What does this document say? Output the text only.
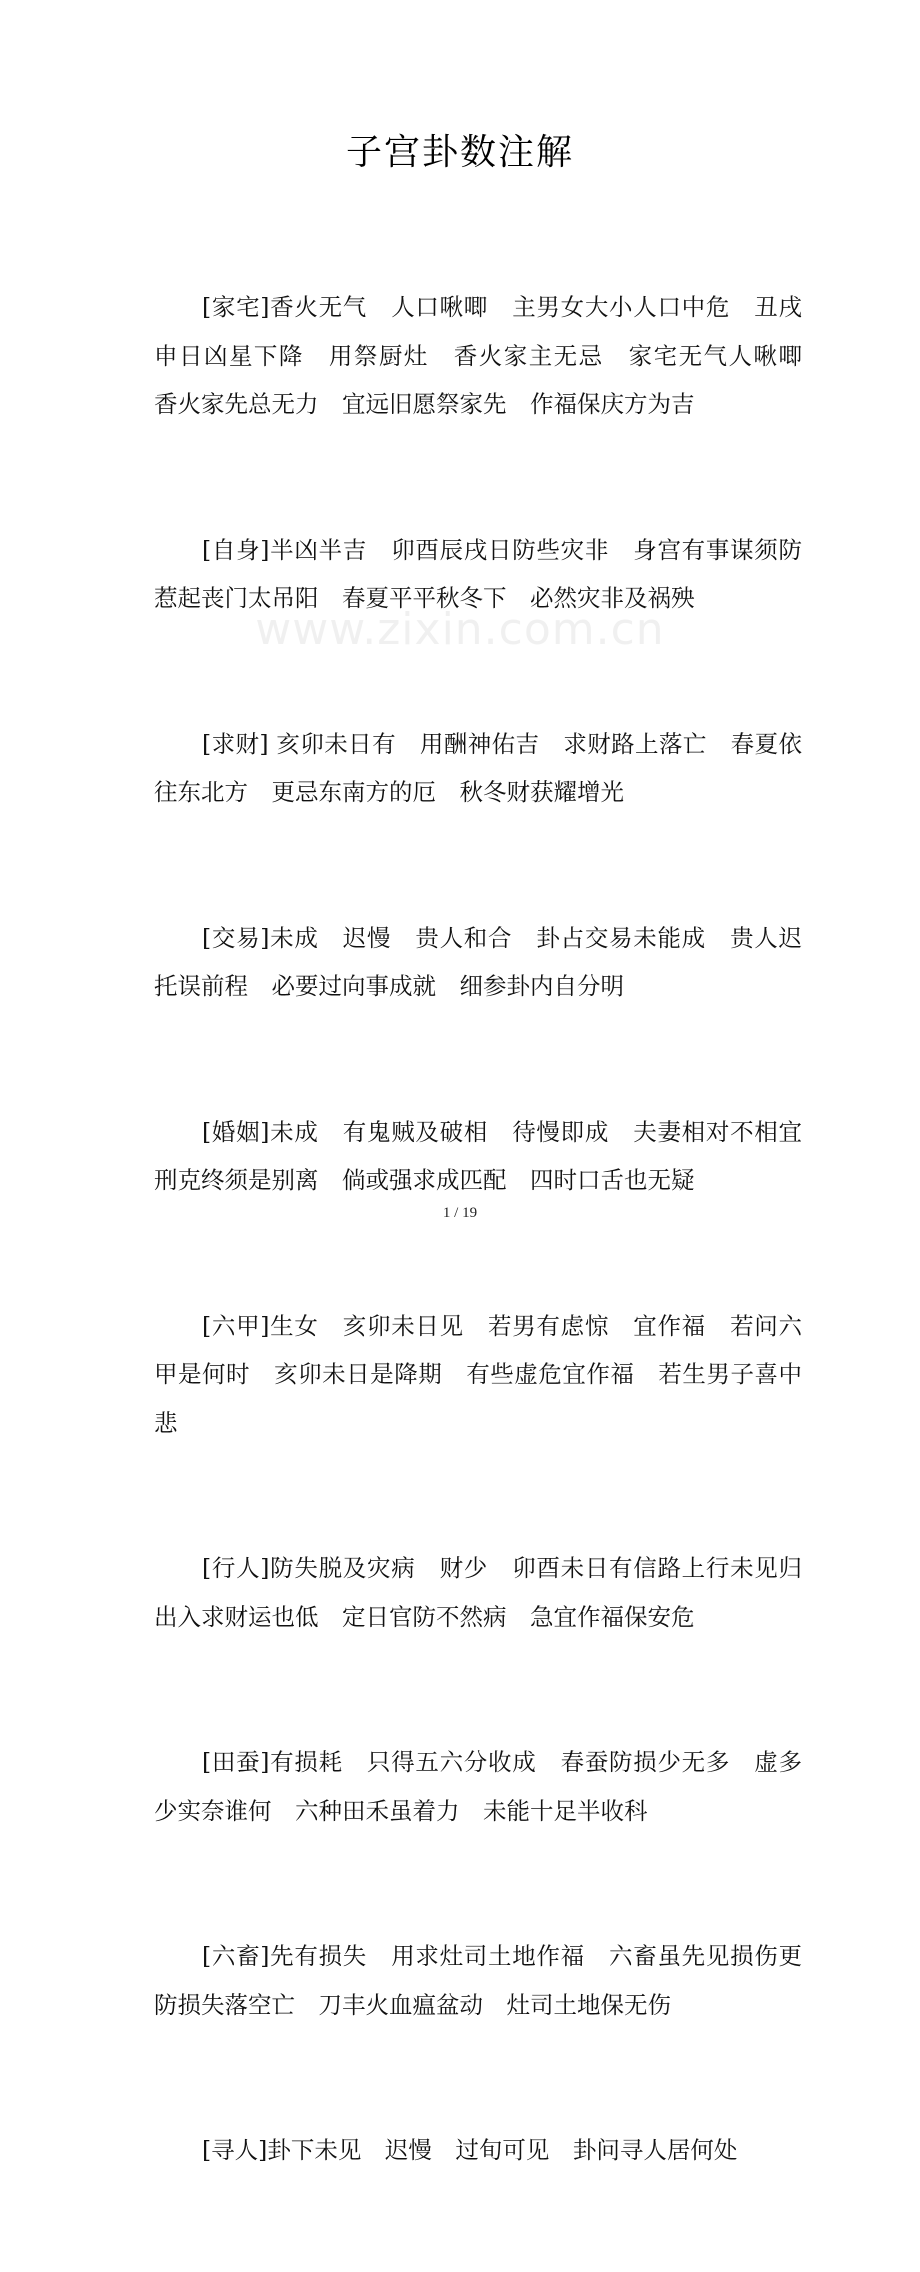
子宫卦数注解
www.zixin.com.cn

[家宅]香火无气　人口啾唧　主男女大小人口中危　丑戌申日凶星下降　用祭厨灶　香火家主无忌　家宅无气人啾唧　香火家先总无力　宜远旧愿祭家先　作福保庆方为吉

[自身]半凶半吉　卯酉辰戌日防些灾非　身宫有事谋须防　惹起丧门太吊阳　春夏平平秋冬下　必然灾非及祸殃

[求财] 亥卯未日有　用酬神佑吉　求财路上落亡　春夏依往东北方　更忌东南方的厄　秋冬财获耀增光

[交易]未成　迟慢　贵人和合　卦占交易未能成　贵人迟托误前程　必要过向事成就　细参卦内自分明

[婚姻]未成　有鬼贼及破相　待慢即成　夫妻相对不相宜　刑克终须是别离　倘或强求成匹配　四时口舌也无疑

[六甲]生女　亥卯未日见　若男有虑惊　宜作福　若问六甲是何时　亥卯未日是降期　有些虚危宜作福　若生男子喜中悲

[行人]防失脱及灾病　财少　卯酉未日有信路上行未见归　出入求财运也低　定日官防不然病　急宜作福保安危

[田蚕]有损耗　只得五六分收成　春蚕防损少无多　虚多少实奈谁何　六种田禾虽着力　未能十足半收科

[六畜]先有损失　用求灶司土地作福　六畜虽先见损伤更防损失落空亡　刀丰火血瘟盆动　灶司土地保无伤

[寻人]卦下未见　迟慢　过旬可见　卦问寻人居何处

1 / 19
